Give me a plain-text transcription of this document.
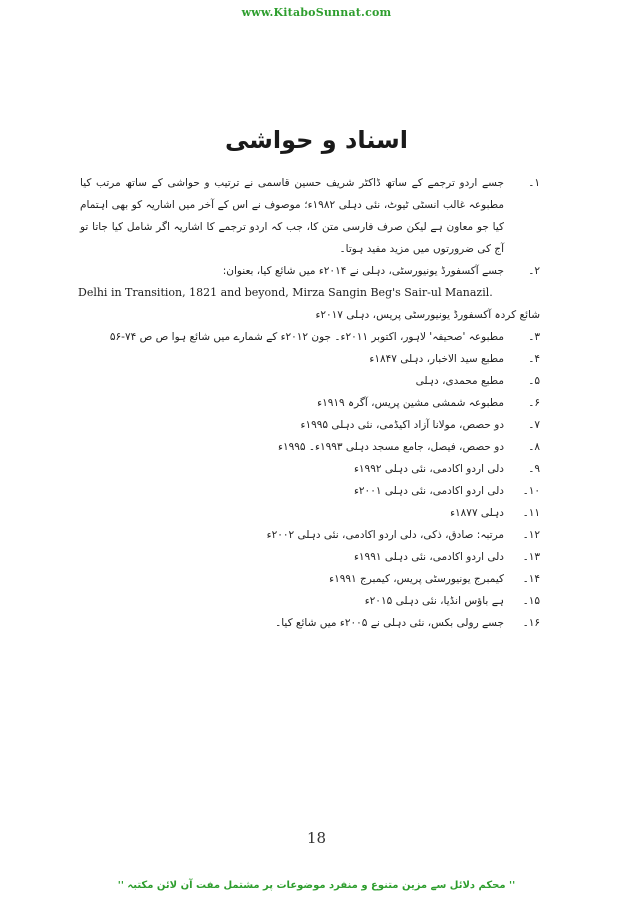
www.KitaboSunnat.com
اسناد و حواشی
۱۔
جسے اردو ترجمے کے ساتھ ڈاکٹر شریف حسین قاسمی نے ترتیب و حواشی کے ساتھ مرتب کیا مطبوعہ غالب انسٹی ٹیوٹ، نئی دہلی ۱۹۸۲ء؛ موصوف نے اس کے آخر میں اشاریہ کو بھی اہتمام کیا جو معاون ہے لیکن صرف فارسی متن کا، جب کہ اردو ترجمے کا اشاریہ اگر شامل کیا جاتا تو آج کی ضرورتوں میں مزید مفید ہوتا۔
۲۔
جسے آکسفورڈ یونیورسٹی، دہلی نے ۲۰۱۴ء میں شائع کیا، بعنوان:
Delhi in Transition, 1821 and beyond, Mirza Sangin Beg's Sair-ul Manazil.
شائع کردہ آکسفورڈ یونیورسٹی پریس، دہلی ۲۰۱۷ء
۳۔
مطبوعہ 'صحیفہ' لاہور، اکتوبر ۲۰۱۱ء۔ جون ۲۰۱۲ء کے شمارے میں شائع ہوا ص ص ۷۴-۵۶
۴۔
مطبع سید الاخبار، دہلی ۱۸۴۷ء
۵۔
مطبع محمدی، دہلی
۶۔
مطبوعہ شمشی مشین پریس، آگرہ ۱۹۱۹ء
۷۔
دو حصص، مولانا آزاد اکیڈمی، نئی دہلی ۱۹۹۵ء
۸۔
دو حصص، فیصل، جامع مسجد دہلی ۱۹۹۳ء۔ ۱۹۹۵ء
۹۔
دلی اردو اکادمی، نئی دہلی ۱۹۹۲ء
۱۰۔
دلی اردو اکادمی، نئی دہلی ۲۰۰۱ء
۱۱۔
دہلی ۱۸۷۷ء
۱۲۔
مرتبہ: صادق، ذکی، دلی اردو اکادمی، نئی دہلی ۲۰۰۲ء
۱۳۔
دلی اردو اکادمی، نئی دہلی ۱۹۹۱ء
۱۴۔
کیمبرج یونیورسٹی پریس، کیمبرج ۱۹۹۱ء
۱۵۔
ہے باؤس انڈیا، نئی دہلی ۲۰۱۵ء
۱۶۔
جسے رولی بکس، نئی دہلی نے ۲۰۰۵ء میں شائع کیا۔
18
'' محکم دلائل سے مزین متنوع و منفرد موضوعات پر مشتمل مفت آن لائن مکتبہ ''
